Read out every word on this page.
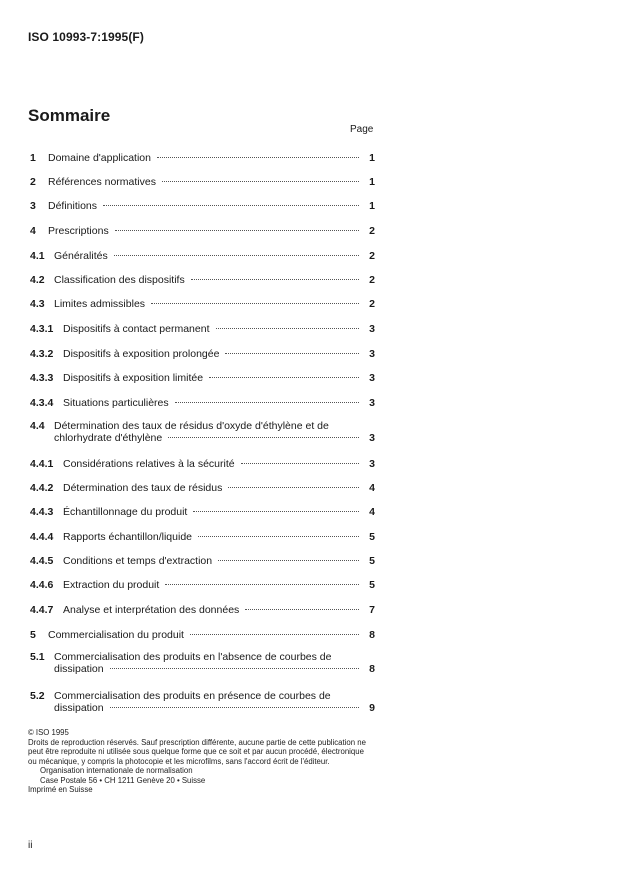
ISO 10993-7:1995(F)
Sommaire
Page
1 Domaine d'application	1
2 Références normatives	1
3 Définitions	1
4 Prescriptions	2
4.1 Généralités	2
4.2 Classification des dispositifs	2
4.3 Limites admissibles	2
4.3.1 Dispositifs à contact permanent	3
4.3.2 Dispositifs à exposition prolongée	3
4.3.3 Dispositifs à exposition limitée	3
4.3.4 Situations particulières	3
4.4 Détermination des taux de résidus d'oxyde d'éthylène et de
chlorhydrate d'éthylène	3
4.4.1 Considérations relatives à la sécurité	3
4.4.2 Détermination des taux de résidus	4
4.4.3 Échantillonnage du produit	4
4.4.4 Rapports échantillon/liquide	5
4.4.5 Conditions et temps d'extraction	5
4.4.6 Extraction du produit	5
4.4.7 Analyse et interprétation des données	7
5 Commercialisation du produit	8
5.1 Commercialisation des produits en l'absence de courbes de
dissipation	8
5.2 Commercialisation des produits en présence de courbes de
dissipation	9

© ISO 1995

Droits de reproduction réservés. Sauf prescription différente, aucune partie de cette publication ne peut être reproduite ni utilisée sous quelque forme que ce soit et par aucun procédé, électronique ou mécanique, y compris la photocopie et les microfilms, sans l'accord écrit de l'éditeur.

Organisation internationale de normalisation

Case Postale 56 • CH 1211 Genève 20 • Suisse

Imprimé en Suisse

ii
